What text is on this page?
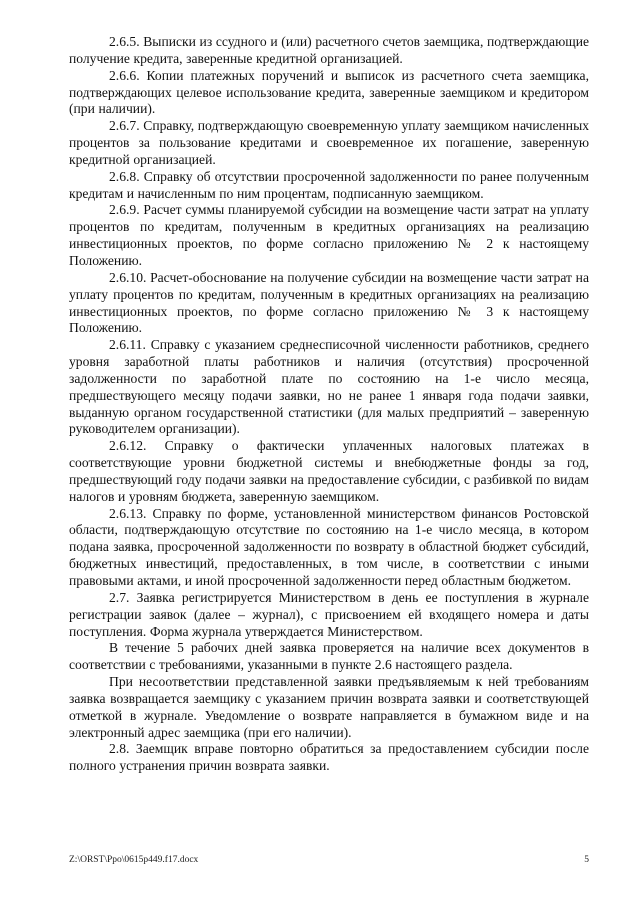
2.6.5. Выписки из ссудного и (или) расчетного счетов заемщика, подтверждающие получение кредита, заверенные кредитной организацией.

2.6.6. Копии платежных поручений и выписок из расчетного счета заемщика, подтверждающих целевое использование кредита, заверенные заемщиком и кредитором (при наличии).

2.6.7. Справку, подтверждающую своевременную уплату заемщиком начисленных процентов за пользование кредитами и своевременное их погашение, заверенную кредитной организацией.

2.6.8. Справку об отсутствии просроченной задолженности по ранее полученным кредитам и начисленным по ним процентам, подписанную заемщиком.

2.6.9. Расчет суммы планируемой субсидии на возмещение части затрат на уплату процентов по кредитам, полученным в кредитных организациях на реализацию инвестиционных проектов, по форме согласно приложению № 2 к настоящему Положению.

2.6.10. Расчет-обоснование на получение субсидии на возмещение части затрат на уплату процентов по кредитам, полученным в кредитных организациях на реализацию инвестиционных проектов, по форме согласно приложению № 3 к настоящему Положению.

2.6.11. Справку с указанием среднесписочной численности работников, среднего уровня заработной платы работников и наличия (отсутствия) просроченной задолженности по заработной плате по состоянию на 1-е число месяца, предшествующего месяцу подачи заявки, но не ранее 1 января года подачи заявки, выданную органом государственной статистики (для малых предприятий – заверенную руководителем организации).

2.6.12. Справку о фактически уплаченных налоговых платежах в соответствующие уровни бюджетной системы и внебюджетные фонды за год, предшествующий году подачи заявки на предоставление субсидии, с разбивкой по видам налогов и уровням бюджета, заверенную заемщиком.

2.6.13. Справку по форме, установленной министерством финансов Ростовской области, подтверждающую отсутствие по состоянию на 1-е число месяца, в котором подана заявка, просроченной задолженности по возврату в областной бюджет субсидий, бюджетных инвестиций, предоставленных, в том числе, в соответствии с иными правовыми актами, и иной просроченной задолженности перед областным бюджетом.

2.7. Заявка регистрируется Министерством в день ее поступления в журнале регистрации заявок (далее – журнал), с присвоением ей входящего номера и даты поступления. Форма журнала утверждается Министерством.

В течение 5 рабочих дней заявка проверяется на наличие всех документов в соответствии с требованиями, указанными в пункте 2.6 настоящего раздела.

При несоответствии представленной заявки предъявляемым к ней требованиям заявка возвращается заемщику с указанием причин возврата заявки и соответствующей отметкой в журнале. Уведомление о возврате направляется в бумажном виде и на электронный адрес заемщика (при его наличии).

2.8. Заемщик вправе повторно обратиться за предоставлением субсидии после полного устранения причин возврата заявки.

Z:\ORST\Ppo\0615p449.f17.docx	5
